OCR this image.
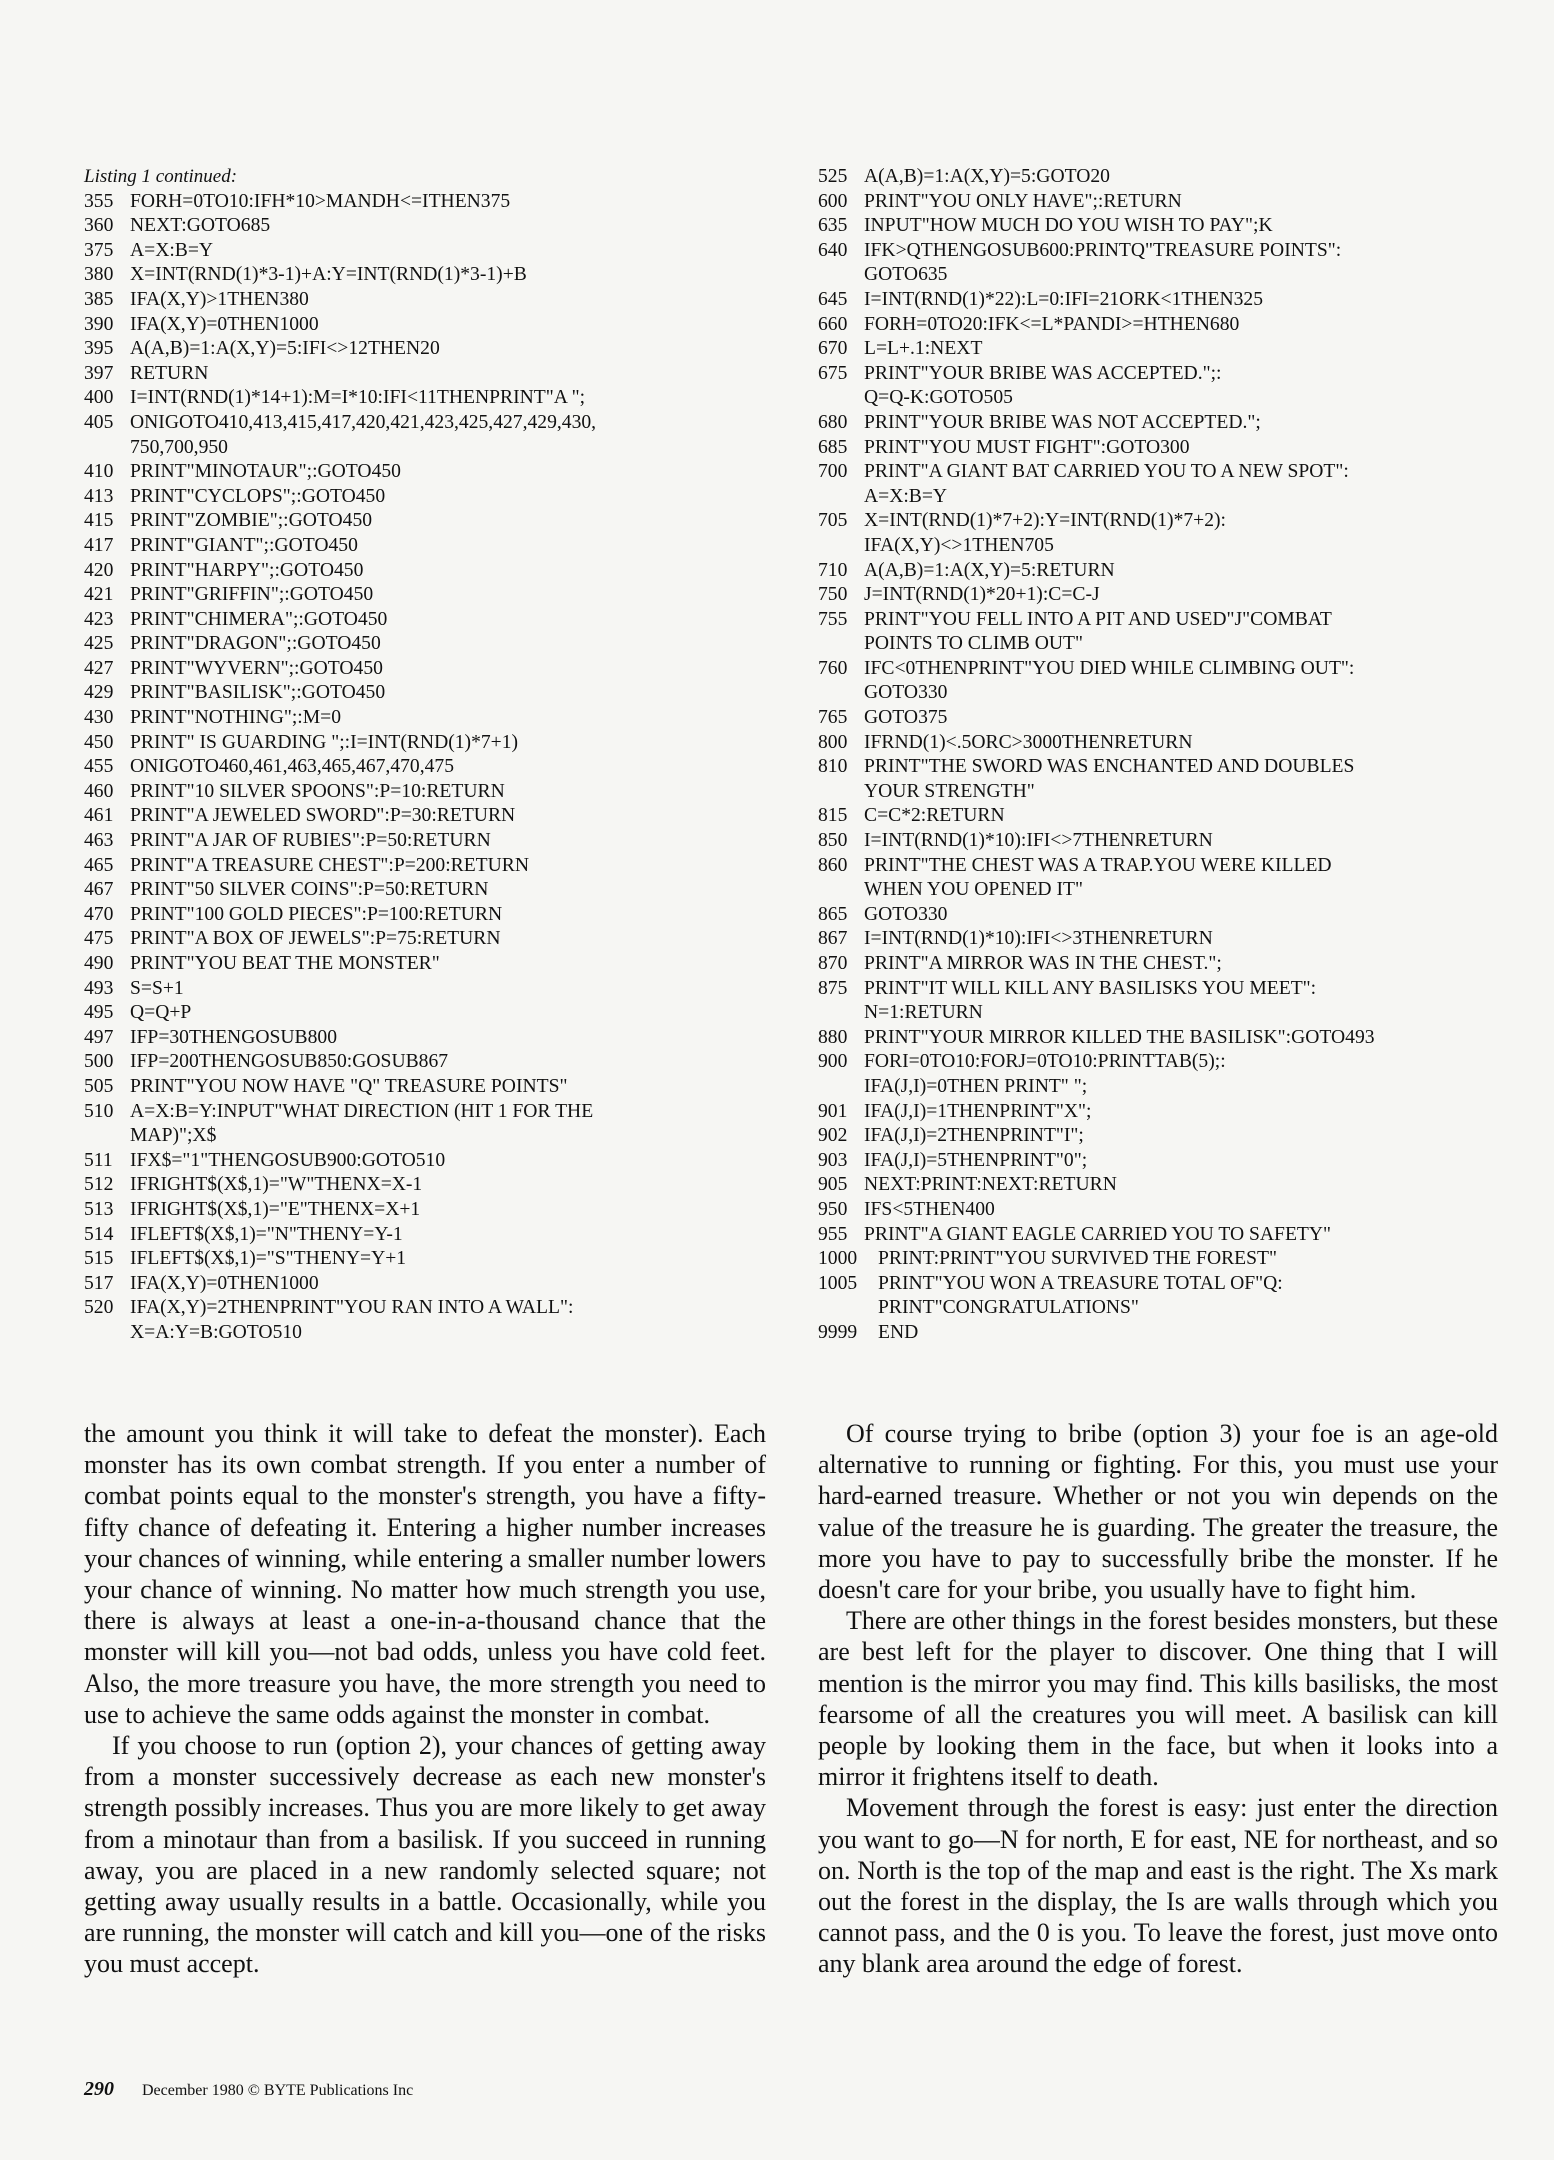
Listing 1 continued:
355 FORH=0TO10:IFH*10>MANDH<=ITHEN375
360 NEXT:GOTO685
375 A=X:B=Y
380 X=INT(RND(1)*3-1)+A:Y=INT(RND(1)*3-1)+B
385 IFA(X,Y)>1THEN380
390 IFA(X,Y)=0THEN1000
395 A(A,B)=1:A(X,Y)=5:IFI<>12THEN20
397 RETURN
400 I=INT(RND(1)*14+1):M=I*10:IFI<11THENPRINT"A ";
405 ONIGOTO410,413,415,417,420,421,423,425,427,429,430,
750,700,950
410 PRINT"MINOTAUR";:GOTO450
413 PRINT"CYCLOPS";:GOTO450
415 PRINT"ZOMBIE";:GOTO450
417 PRINT"GIANT";:GOTO450
420 PRINT"HARPY";:GOTO450
421 PRINT"GRIFFIN";:GOTO450
423 PRINT"CHIMERA";:GOTO450
425 PRINT"DRAGON";:GOTO450
427 PRINT"WYVERN";:GOTO450
429 PRINT"BASILISK";:GOTO450
430 PRINT"NOTHING";:M=0
450 PRINT" IS GUARDING ";:I=INT(RND(1)*7+1)
455 ONIGOTO460,461,463,465,467,470,475
460 PRINT"10 SILVER SPOONS":P=10:RETURN
461 PRINT"A JEWELED SWORD":P=30:RETURN
463 PRINT"A JAR OF RUBIES":P=50:RETURN
465 PRINT"A TREASURE CHEST":P=200:RETURN
467 PRINT"50 SILVER COINS":P=50:RETURN
470 PRINT"100 GOLD PIECES":P=100:RETURN
475 PRINT"A BOX OF JEWELS":P=75:RETURN
490 PRINT"YOU BEAT THE MONSTER"
493 S=S+1
495 Q=Q+P
497 IFP=30THENGOSUB800
500 IFP=200THENGOSUB850:GOSUB867
505 PRINT"YOU NOW HAVE "Q" TREASURE POINTS"
510 A=X:B=Y:INPUT"WHAT DIRECTION (HIT 1 FOR THE
MAP)";X$
511 IFX$="1"THENGOSUB900:GOTO510
512 IFRIGHT$(X$,1)="W"THENX=X-1
513 IFRIGHT$(X$,1)="E"THENX=X+1
514 IFLEFT$(X$,1)="N"THENY=Y-1
515 IFLEFT$(X$,1)="S"THENY=Y+1
517 IFA(X,Y)=0THEN1000
520 IFA(X,Y)=2THENPRINT"YOU RAN INTO A WALL":
X=A:Y=B:GOTO510
525 A(A,B)=1:A(X,Y)=5:GOTO20
600 PRINT"YOU ONLY HAVE";:RETURN
635 INPUT"HOW MUCH DO YOU WISH TO PAY";K
640 IFK>QTHENGOSUB600:PRINTQ"TREASURE POINTS":
GOTO635
645 I=INT(RND(1)*22):L=0:IFI=21ORK<1THEN325
660 FORH=0TO20:IFK<=L*PANDI>=HTHEN680
670 L=L+.1:NEXT
675 PRINT"YOUR BRIBE WAS ACCEPTED.";:
Q=Q-K:GOTO505
680 PRINT"YOUR BRIBE WAS NOT ACCEPTED.";
685 PRINT"YOU MUST FIGHT":GOTO300
700 PRINT"A GIANT BAT CARRIED YOU TO A NEW SPOT":
A=X:B=Y
705 X=INT(RND(1)*7+2):Y=INT(RND(1)*7+2):
IFA(X,Y)<>1THEN705
710 A(A,B)=1:A(X,Y)=5:RETURN
750 J=INT(RND(1)*20+1):C=C-J
755 PRINT"YOU FELL INTO A PIT AND USED"J"COMBAT
POINTS TO CLIMB OUT"
760 IFC<0THENPRINT"YOU DIED WHILE CLIMBING OUT":
GOTO330
765 GOTO375
800 IFRND(1)<.5ORC>3000THENRETURN
810 PRINT"THE SWORD WAS ENCHANTED AND DOUBLES
YOUR STRENGTH"
815 C=C*2:RETURN
850 I=INT(RND(1)*10):IFI<>7THENRETURN
860 PRINT"THE CHEST WAS A TRAP.YOU WERE KILLED
WHEN YOU OPENED IT"
865 GOTO330
867 I=INT(RND(1)*10):IFI<>3THENRETURN
870 PRINT"A MIRROR WAS IN THE CHEST.";
875 PRINT"IT WILL KILL ANY BASILISKS YOU MEET":
N=1:RETURN
880 PRINT"YOUR MIRROR KILLED THE BASILISK":GOTO493
900 FORI=0TO10:FORJ=0TO10:PRINTTAB(5);:
IFA(J,I)=0THEN PRINT" ";
901 IFA(J,I)=1THENPRINT"X";
902 IFA(J,I)=2THENPRINT"I";
903 IFA(J,I)=5THENPRINT"0";
905 NEXT:PRINT:NEXT:RETURN
950 IFS<5THEN400
955 PRINT"A GIANT EAGLE CARRIED YOU TO SAFETY"
1000	PRINT:PRINT"YOU SURVIVED THE FOREST"
1005	PRINT"YOU WON A TREASURE TOTAL OF"Q:
PRINT"CONGRATULATIONS"
9999	END

the amount you think it will take to defeat the monster). Each monster has its own combat strength. If you enter a number of combat points equal to the monster's strength, you have a fifty-fifty chance of defeating it. Entering a higher number increases your chances of winning, while entering a smaller number lowers your chance of winning. No matter how much strength you use, there is always at least a one-in-a-thousand chance that the monster will kill you—not bad odds, unless you have cold feet. Also, the more treasure you have, the more strength you need to use to achieve the same odds against the monster in combat.

If you choose to run (option 2), your chances of getting away from a monster successively decrease as each new monster's strength possibly increases. Thus you are more likely to get away from a minotaur than from a basilisk. If you succeed in running away, you are placed in a new randomly selected square; not getting away usually results in a battle. Occasionally, while you are running, the monster will catch and kill you—one of the risks you must accept.

Of course trying to bribe (option 3) your foe is an age-old alternative to running or fighting. For this, you must use your hard-earned treasure. Whether or not you win depends on the value of the treasure he is guarding. The greater the treasure, the more you have to pay to successfully bribe the monster. If he doesn't care for your bribe, you usually have to fight him.

There are other things in the forest besides monsters, but these are best left for the player to discover. One thing that I will mention is the mirror you may find. This kills basilisks, the most fearsome of all the creatures you will meet. A basilisk can kill people by looking them in the face, but when it looks into a mirror it frightens itself to death.

Movement through the forest is easy: just enter the direction you want to go—N for north, E for east, NE for northeast, and so on. North is the top of the map and east is the right. The Xs mark out the forest in the display, the Is are walls through which you cannot pass, and the 0 is you. To leave the forest, just move onto any blank area around the edge of forest.

290 December 1980 © BYTE Publications Inc
